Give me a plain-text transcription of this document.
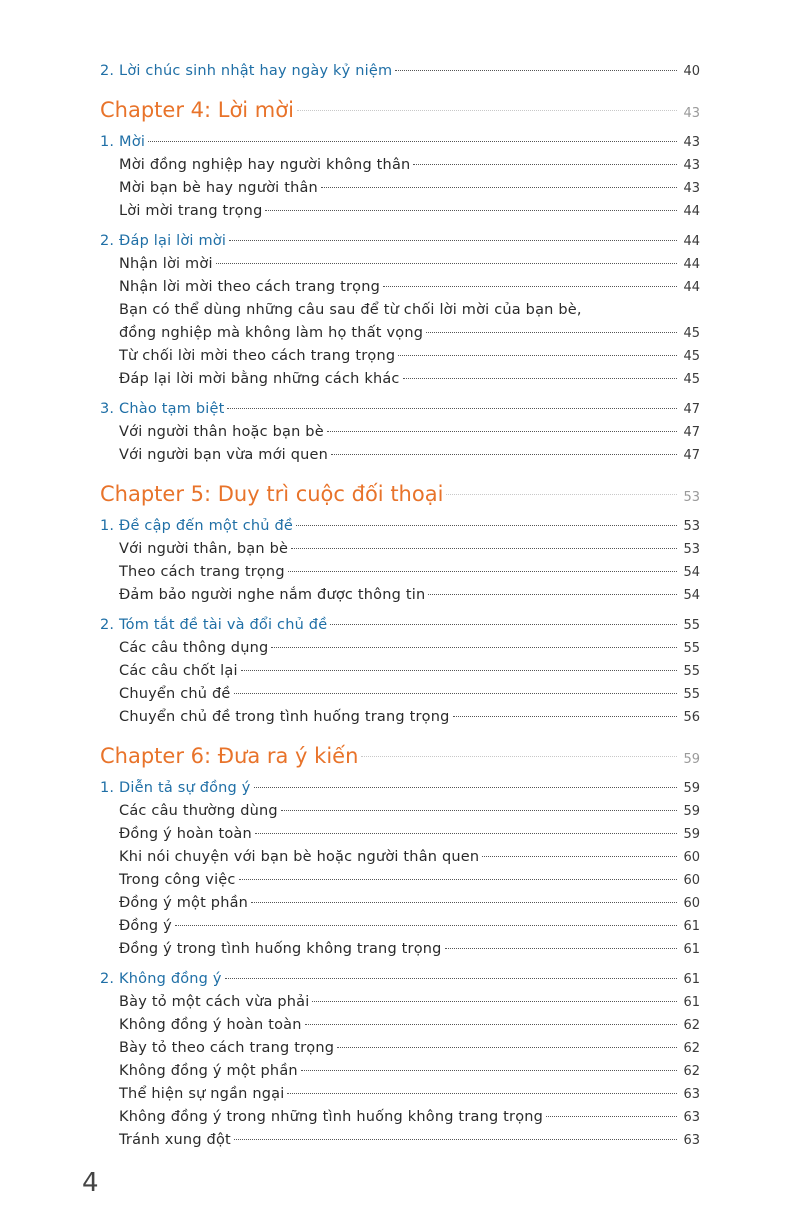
2. Lời chúc sinh nhật hay ngày kỷ niệm	40
Chapter 4: Lời mời	43
1. Mời	43
Mời đồng nghiệp hay người không thân	43
Mời bạn bè hay người thân	43
Lời mời trang trọng	44
2. Đáp lại lời mời	44
Nhận lời mời	44
Nhận lời mời theo cách trang trọng	44
Bạn có thể dùng những câu sau để từ chối lời mời của bạn bè,
đồng nghiệp mà không làm họ thất vọng	45
Từ chối lời mời theo cách trang trọng	45
Đáp lại lời mời bằng những cách khác	45
3. Chào tạm biệt	47
Với người thân hoặc bạn bè	47
Với người bạn vừa mới quen	47
Chapter 5: Duy trì cuộc đối thoại	53
1. Đề cập đến một chủ đề	53
Với người thân, bạn bè	53
Theo cách trang trọng	54
Đảm bảo người nghe nắm được thông tin	54
2. Tóm tắt đề tài và đổi chủ đề	55
Các câu thông dụng	55
Các câu chốt lại	55
Chuyển chủ đề	55
Chuyển chủ đề trong tình huống trang trọng	56
Chapter 6: Đưa ra ý kiến	59
1. Diễn tả sự đồng ý	59
Các câu thường dùng	59
Đồng ý hoàn toàn	59
Khi nói chuyện với bạn bè hoặc người thân quen	60
Trong công việc	60
Đồng ý một phần	60
Đồng ý	61
Đồng ý trong tình huống không trang trọng	61
2. Không đồng ý	61
Bày tỏ một cách vừa phải	61
Không đồng ý hoàn toàn	62
Bày tỏ theo cách trang trọng	62
Không đồng ý một phần	62
Thể hiện sự ngần ngại	63
Không đồng ý trong những tình huống không trang trọng	63
Tránh xung đột	63
4
